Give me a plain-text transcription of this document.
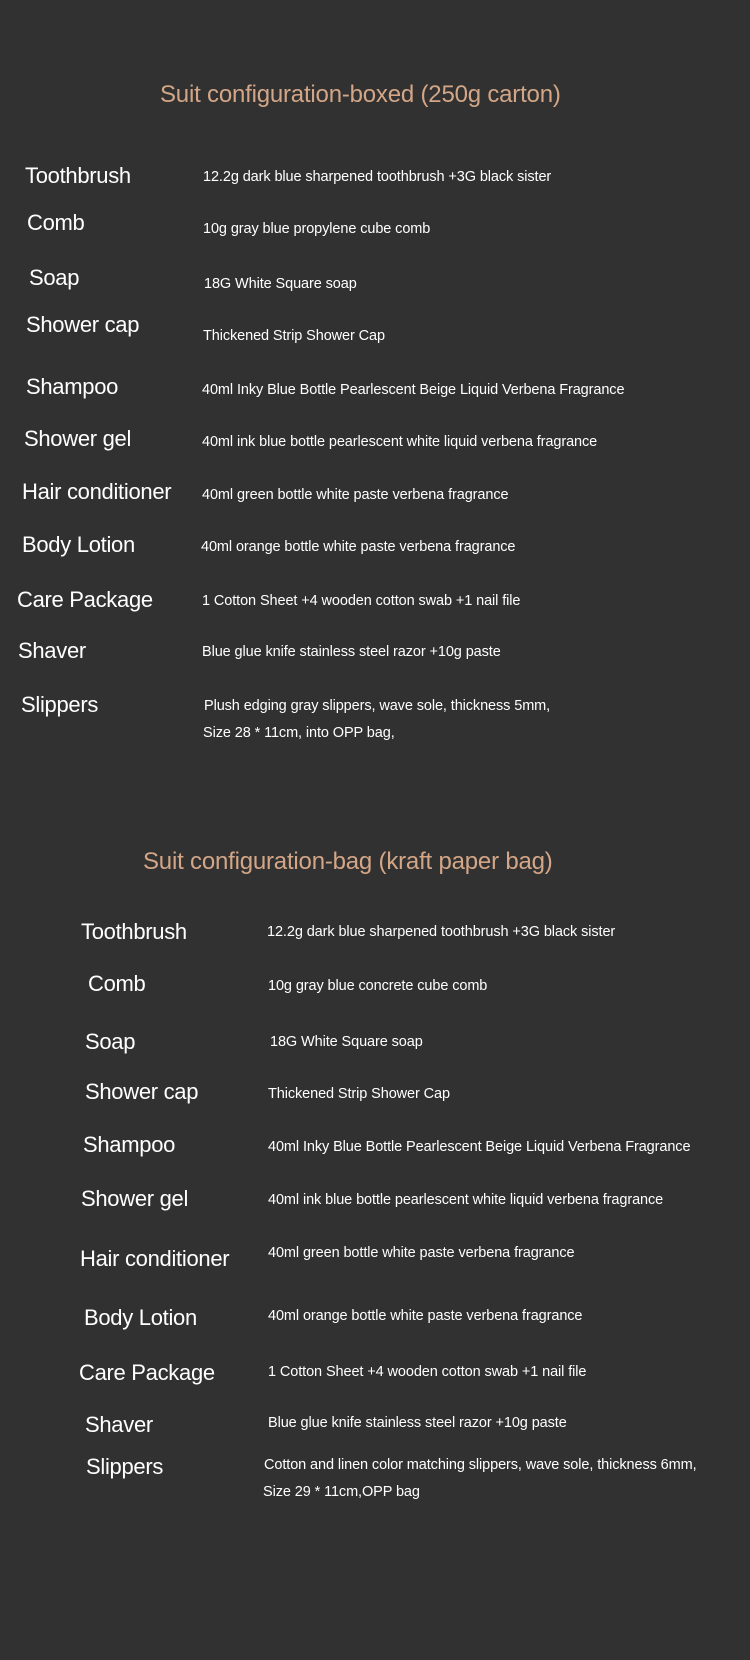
Suit configuration-boxed (250g carton)
Toothbrush	12.2g dark blue sharpened toothbrush +3G black sister
Comb	10g gray blue propylene cube comb
Soap	18G White Square soap
Shower cap	Thickened Strip Shower Cap
Shampoo	40ml Inky Blue Bottle Pearlescent Beige Liquid Verbena Fragrance
Shower gel	40ml ink blue bottle pearlescent white liquid verbena fragrance
Hair conditioner 40ml green bottle white paste verbena fragrance
Body Lotion	40ml orange bottle white paste verbena fragrance
Care Package	1 Cotton Sheet +4 wooden cotton swab +1 nail file
Shaver	Blue glue knife stainless steel razor +10g paste
Slippers	Plush edging gray slippers, wave sole, thickness 5mm,
Size 28 * 11cm, into OPP bag,
Suit configuration-bag (kraft paper bag)
Toothbrush	12.2g dark blue sharpened toothbrush +3G black sister
Comb	10g gray blue concrete cube comb
Soap	18G White Square soap
Shower cap	Thickened Strip Shower Cap
Shampoo	40ml Inky Blue Bottle Pearlescent Beige Liquid Verbena Fragrance
Shower gel	40ml ink blue bottle pearlescent white liquid verbena fragrance
Hair conditioner	40ml green bottle white paste verbena fragrance
Body Lotion	40ml orange bottle white paste verbena fragrance
Care Package	1 Cotton Sheet +4 wooden cotton swab +1 nail file
Shaver	Blue glue knife stainless steel razor +10g paste
Slippers	Cotton and linen color matching slippers, wave sole, thickness 6mm,
Size 29 * 11cm,OPP bag
